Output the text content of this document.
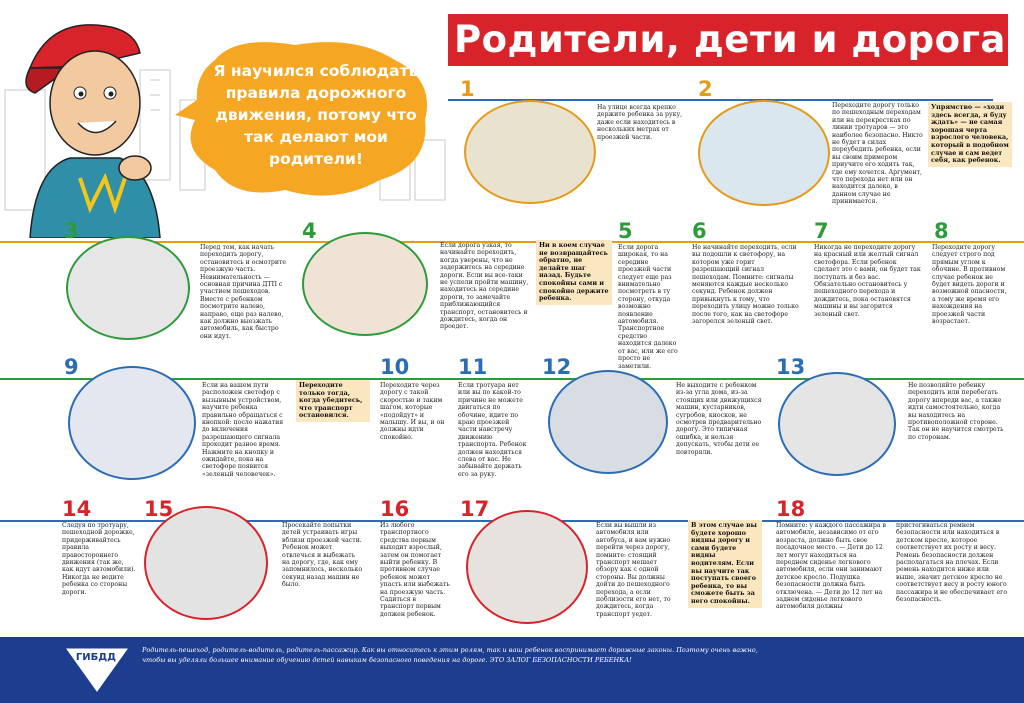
Я научился соблюдать правила дорожного движения, потому что так делают мои родители!
Родители, дети и дорога
1
На улице всегда крепко держите ребенка за руку, даже если находитесь в нескольких метрах от проезжей части.
2
Переходите дорогу только по пешеходным переходам или на перекрестках по линии тротуаров — это наиболее безопасно. Никто не будет в силах переубедить ребенка, если вы своим примером приучите его ходить так, где ему хочется. Аргумент, что перехода нет или он находится далеко, в данном случае не принимается.
Упрямство — «ходи здесь всегда, я буду ждать» — не самая хорошая черта взрослого человека, который в подобном случае и сам ведет себя, как ребенок.
3
Перед тем, как начать переходить дорогу, остановитесь и осмотрите проезжую часть. Невнимательность — основная причина ДТП с участием пешеходов. Вместе с ребенком посмотрите налево, направо, еще раз налево, как должно выезжать автомобиль, как быстро они идут.
4
Если дорога узкая, то начинайте переходить, когда уверены, что не задержитесь на середине дороги. Если вы все-таки не успели пройти машину, находитесь на середине дороги, то замечайте приближающийся транспорт, остановитесь и дождитесь, когда он проедет.
Ни в коем случае не возвращайтесь обратно, не делайте шаг назад. Будьте спокойны сами и спокойно держите ребенка.
5
Если дорога широкая, то на середине проезжей части следует еще раз внимательно посмотреть в ту сторону, откуда возможно появление автомобиля. Транспортное средство находится далеко от вас, или же его просто не заметили.
6
Не начинайте переходить, если вы подошли к светофору, на котором уже горит разрешающий сигнал пешеходам. Помните: сигналы меняются каждые несколько секунд. Ребенок должен привыкнуть к тому, что переходить улицу можно только после того, как на светофоре загорелся зеленый свет.
7
Никогда не переходите дорогу на красный или желтый сигнал светофора. Если ребенок сделает это с вами, он будет так поступать и без вас. Обязательно остановитесь у пешеходного перехода и дождитесь, пока остановятся машины и вы загорится зеленый свет.
8
Переходите дорогу следует строго под прямым углом к обочине. В противном случае ребенок не будет видеть дороги и возможной опасности, а тому же время его нахождения на проезжей части возрастает.
9
Если на вашем пути расположен светофор с вызывным устройством, научите ребенка правильно обращаться с кнопкой: после нажатия до включения разрешающего сигнала проходит разное время. Нажмите на кнопку и ожидайте, пока на светофоре появится «зеленый человечек».
Переходите только тогда, когда убедитесь, что транспорт остановился.
10
Переходите через дорогу с такой скоростью и таким шагом, которые «подойдут» и малышу. И вы, и он должны идти спокойно.
11
Если тротуара нет или вы по какой-то причине не можете двигаться по обочине, идите по краю проезжей части навстречу движению транспорта. Ребенок должен находиться слева от вас. Не забывайте держать его за руку.
12
Не выходите с ребенком из-за угла дома, из-за стоящих или движущихся машин, кустарников, сугробов, киосков, не осмотрев предварительно дорогу. Это типичная ошибка, и нельзя допускать, чтобы дети ее повторяли.
13
Не позволяйте ребенку переходить или перебегать дорогу впереди вас, а также идти самостоятельно, когда вы находитесь на противоположной стороне. Так он не научится смотреть по сторонам.
14
Следуя по тротуару, пешеходной дорожке, придерживайтесь правила правостороннего движения (так же, как идут автомобили). Никогда не ведите ребенка со стороны дороги.
15
Просекайте попытки детей устраивать игры вблизи проезжей части. Ребенок может отвлечься и выбежать на дорогу, где, как ему запомнилось, несколько секунд назад машин не было.
16
Из любого транспортного средства первым выходит взрослый, затем он помогает выйти ребенку. В противном случае ребенок может упасть или выбежать на проезжую часть. Садиться в транспорт первым должен ребенок.
17
Если вы вышли из автомобиля или автобуса, и вам нужно перейти через дорогу, помните: стоящий транспорт мешает обзору как с одной стороны. Вы должны дойти до пешеходного перехода, а если поблизости его нет, то дождитесь, когда транспорт уедет.
В этом случае вы будете хорошо видны дорогу и сами будете видны водителям. Если вы научите так поступать своего ребенка, то вы сможете быть за него спокойны.
18
Помните: у каждого пассажира в автомобиле, независимо от его возраста, должно быть свое посадочное место. — Дети до 12 лет могут находиться на переднем сиденье легкового автомобиля, если они занимают детское кресло. Подушка безопасности должна быть отключена. — Дети до 12 лет на заднем сиденье легкового автомобиля должны пристегиваться ремнем безопасности или находиться в детском кресле, которое соответствует их росту и весу. Ремень безопасности должен располагаться на плечах. Если ремень находится ниже или выше, значит детское кресло не соответствует весу и росту юного пассажира и не обеспечивает его безопасность.
ГИБДД
Родитель-пешеход, родитель-водитель, родитель-пассажир. Как вы относитесь к этим ролям, так и ваш ребенок воспринимает дорожные законы. Поэтому очень важно, чтобы вы уделяли большее внимание обучению детей навыкам безопасного поведения на дороге. ЭТО ЗАЛОГ БЕЗОПАСНОСТИ РЕБЕНКА!
